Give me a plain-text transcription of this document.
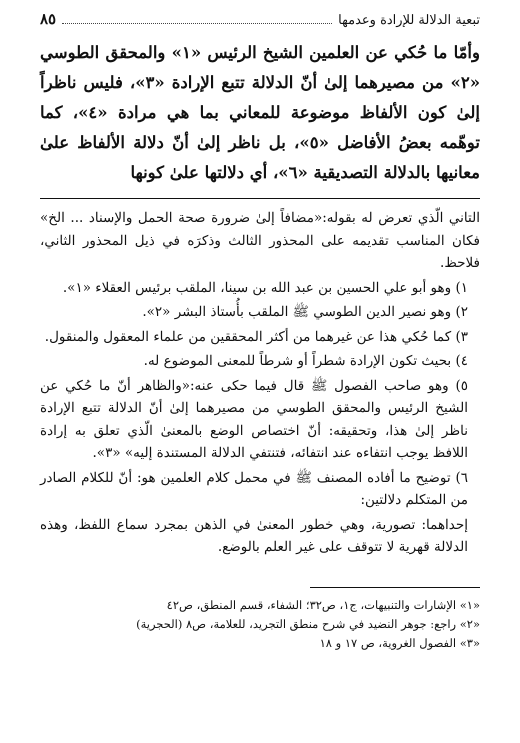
تبعية الدلالة للإرادة وعدمها
٨٥

وأمّا ما حُكي عن العلمين الشيخ الرئيس «١» والمحقق الطوسي «٢» من مصيرهما إلىٰ أنّ الدلالة تتبع الإرادة «٣»، فليس ناظراً إلىٰ كون الألفاظ موضوعة للمعاني بما هي مرادة «٤»، كما توهّمه بعضُ الأفاضل «٥»، بل ناظر إلىٰ أنّ دلالة الألفاظ علىٰ معانيها بالدلالة التصديقية «٦»، أي دلالتها علىٰ كونها

التاني الّذي تعرض له بقوله:«مضافاً إلىٰ ضرورة صحة الحمل والإسناد ... الخ» فكان المناسب تقديمه على المحذور الثالث وذكرَه في ذيل المحذور الثاني، فلاحظ.

١) وهو أبو علي الحسين بن عبد الله بن سينا، الملقب برئيس العقلاء «١».

٢) وهو نصير الدين الطوسي ﷺ الملقب بأُستاذ البشر «٢».

٣) كما حُكي هذا عن غيرهما من أكثر المحققين من علماء المعقول والمنقول.

٤) بحيث تكون الإرادة شطراً أو شرطاً للمعنى الموضوع له.

٥) وهو صاحب الفصول ﷺ قال فيما حكى عنه:«والظاهر أنّ ما حُكي عن الشيخ الرئيس والمحقق الطوسي من مصيرهما إلىٰ أنّ الدلالة تتبع الإرادة ناظر إلىٰ هذا، وتحقيقه: أنّ اختصاص الوضع بالمعنىٰ الّذي تعلق به إرادة اللافظ يوجب انتفاءه عند انتفائه، فتنتفي الدلالة المستندة إليه» «٣».

٦) توضيح ما أفاده المصنف ﷺ في محمل كلام العلمين هو: أنّ للكلام الصادر من المتكلم دلالتين:

إحداهما: تصورية، وهي خطور المعنىٰ في الذهن بمجرد سماع اللفظ، وهذه الدلالة قهرية لا تتوقف على غير العلم بالوضع.

«١» الإشارات والتنبيهات، ج١، ص٣٢؛ الشفاء، قسم المنطق، ص٤٢

«٢» راجع: جوهر النضيد في شرح منطق التجريد، للعلامة، ص٨ (الحجرية)

«٣» الفصول الغروية، ص ١٧ و ١٨
